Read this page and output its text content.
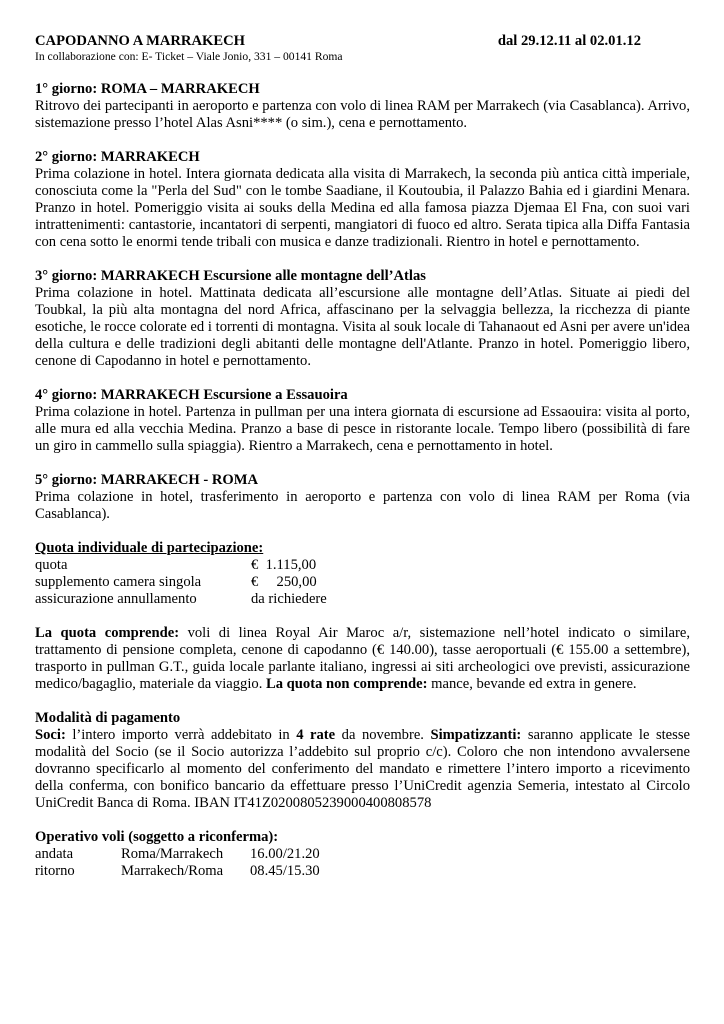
CAPODANNO A MARRAKECH	dal 29.12.11 al 02.01.12
In collaborazione con: E- Ticket – Viale Jonio, 331 – 00141 Roma
1° giorno: ROMA – MARRAKECH
Ritrovo dei partecipanti in aeroporto e partenza con volo di linea RAM per Marrakech (via Casablanca). Arrivo, sistemazione presso l’hotel Alas Asni**** (o sim.), cena e pernottamento.
2° giorno: MARRAKECH
Prima colazione in hotel. Intera giornata dedicata alla visita di Marrakech, la seconda più antica città imperiale, conosciuta come la "Perla del Sud" con le tombe Saadiane, il Koutoubia, il Palazzo Bahia ed i giardini Menara. Pranzo in hotel. Pomeriggio visita ai souks della Medina ed alla famosa piazza Djemaa El Fna, con suoi vari intrattenimenti: cantastorie, incantatori di serpenti, mangiatori di fuoco ed altro. Serata tipica alla Diffa Fantasia con cena sotto le enormi tende tribali con musica e danze tradizionali. Rientro in hotel e pernottamento.
3° giorno: MARRAKECH Escursione alle montagne dell’Atlas
Prima colazione in hotel. Mattinata dedicata all’escursione alle montagne dell’Atlas. Situate ai piedi del Toubkal, la più alta montagna del nord Africa, affascinano per la selvaggia bellezza, la ricchezza di piante esotiche, le rocce colorate ed i torrenti di montagna. Visita al souk locale di Tahanaout ed Asni per avere un'idea della cultura e delle tradizioni degli abitanti delle montagne dell'Atlante. Pranzo in hotel. Pomeriggio libero, cenone di Capodanno in hotel e pernottamento.
4° giorno: MARRAKECH Escursione a Essauoira
Prima colazione in hotel. Partenza in pullman per una intera giornata di escursione ad Essaouira: visita al porto, alle mura ed alla vecchia Medina. Pranzo a base di pesce in ristorante locale. Tempo libero (possibilità di fare un giro in cammello sulla spiaggia). Rientro a Marrakech, cena e pernottamento in hotel.
5° giorno: MARRAKECH - ROMA
Prima colazione in hotel, trasferimento in aeroporto e partenza con volo di linea RAM per Roma (via Casablanca).
Quota individuale di partecipazione:
quota	€  1.115,00
supplemento camera singola	€     250,00
assicurazione annullamento	da richiedere
La quota comprende: voli di linea Royal Air Maroc a/r, sistemazione nell’hotel indicato o similare, trattamento di pensione completa, cenone di capodanno (€ 140.00), tasse aeroportuali (€ 155.00 a settembre), trasporto in pullman G.T., guida locale parlante italiano, ingressi ai siti archeologici ove previsti, assicurazione medico/bagaglio, materiale da viaggio. La quota non comprende: mance, bevande ed extra in genere.
Modalità di pagamento
Soci: l’intero importo verrà addebitato in 4 rate da novembre. Simpatizzanti: saranno applicate le stesse modalità del Socio (se il Socio autorizza l’addebito sul proprio c/c). Coloro che non intendono avvalersene dovranno specificarlo al momento del conferimento del mandato e rimettere l’intero importo a ricevimento della conferma, con bonifico bancario da effettuare presso l’UniCredit agenzia Semeria, intestato al Circolo UniCredit Banca di Roma. IBAN IT41Z0200805239000400808578
Operativo voli (soggetto a riconferma):
andata	Roma/Marrakech	16.00/21.20
ritorno	Marrakech/Roma	08.45/15.30
